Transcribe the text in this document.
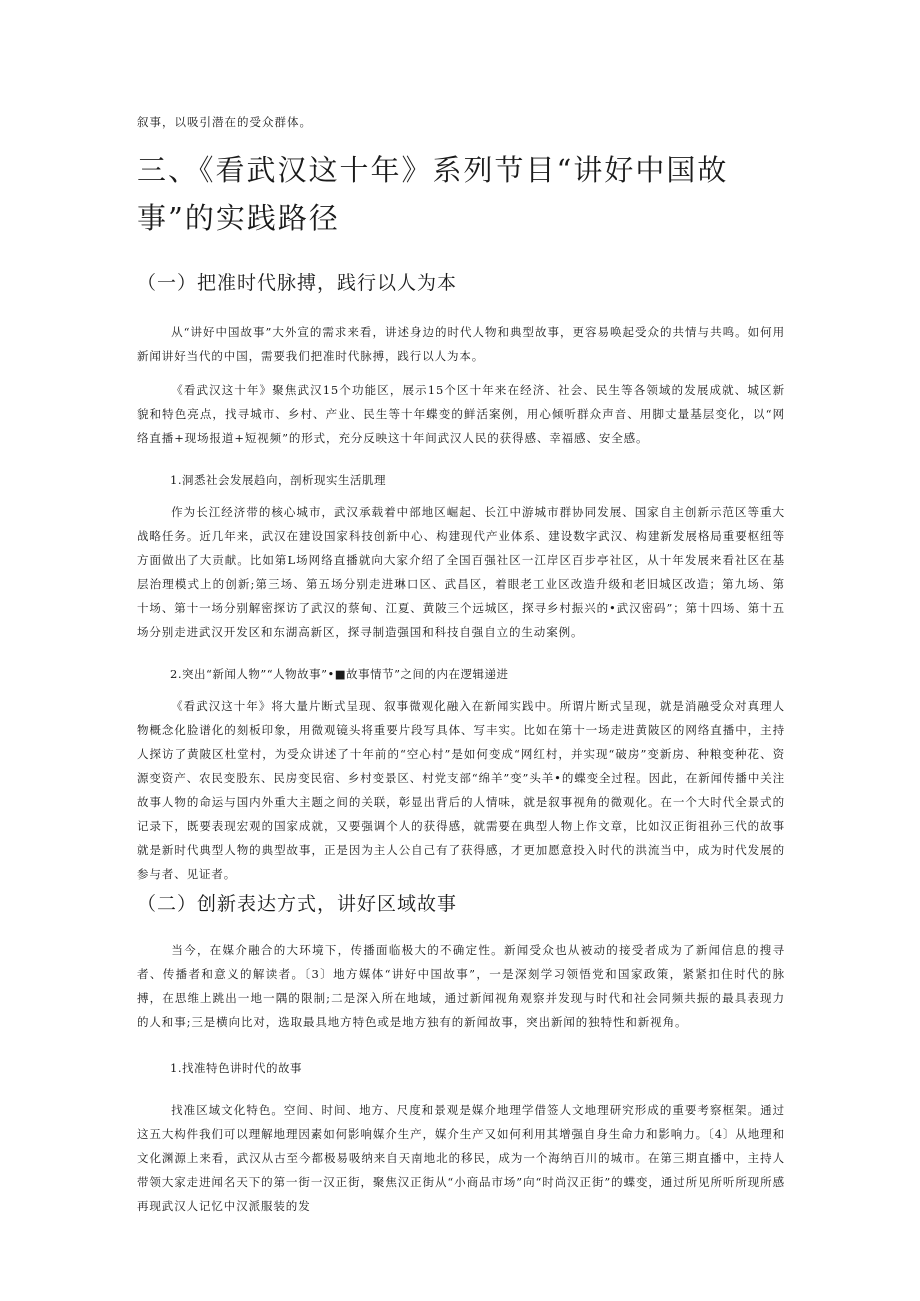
叙事，以吸引潜在的受众群体。
三、《看武汉这十年》系列节目“讲好中国故事”的实践路径
（一）把准时代脉搏，践行以人为本

从“讲好中国故事”大外宣的需求来看，讲述身边的时代人物和典型故事，更容易唤起受众的共情与共鸣。如何用新闻讲好当代的中国，需要我们把准时代脉搏，践行以人为本。

《看武汉这十年》聚焦武汉15个功能区，展示15个区十年来在经济、社会、民生等各领域的发展成就、城区新貌和特色亮点，找寻城市、乡村、产业、民生等十年蝶变的鲜活案例，用心倾听群众声音、用脚丈量基层变化，以“网络直播+现场报道+短视频”的形式，充分反映这十年间武汉人民的获得感、幸福感、安全感。

1.洞悉社会发展趋向，剖析现实生活肌理

作为长江经济带的核心城市，武汉承载着中部地区崛起、长江中游城市群协同发展、国家自主创新示范区等重大战略任务。近几年来，武汉在建设国家科技创新中心、构建现代产业体系、建设数字武汉、构建新发展格局重要枢纽等方面做出了大贡献。比如第L场网络直播就向大家介绍了全国百强社区一江岸区百步亭社区，从十年发展来看社区在基层治理模式上的创新;第三场、第五场分别走进琳口区、武昌区，着眼老工业区改造升级和老旧城区改造；第九场、第十场、第十一场分别解密探访了武汉的蔡甸、江夏、黄陂三个远城区，探寻乡村振兴的•武汉密码”；第十四场、第十五场分别走进武汉开发区和东湖高新区，探寻制造强国和科技自强自立的生动案例。

2.突出“新闻人物”“人物故事”•■故事情节”之间的内在逻辑递进

《看武汉这十年》将大量片断式呈现、叙事微观化融入在新闻实践中。所谓片断式呈现，就是消融受众对真理人物概念化脸谱化的刻板印象，用微观镜头将重要片段写具体、写丰实。比如在第十一场走进黄陂区的网络直播中，主持人探访了黄陂区杜堂村，为受众讲述了十年前的“空心村”是如何变成“网红村，并实现“破房”变新房、种粮变种花、资源变资产、农民变股东、民房变民宿、乡村变景区、村党支部“绵羊”变”头羊•的蝶变全过程。因此，在新闻传播中关注故事人物的命运与国内外重大主题之间的关联，彰显出背后的人情味，就是叙事视角的微观化。在一个大时代全景式的记录下，既要表现宏观的国家成就，又要强调个人的获得感，就需要在典型人物上作文章，比如汉正街祖孙三代的故事就是新时代典型人物的典型故事，正是因为主人公自己有了获得感，才更加愿意投入时代的洪流当中，成为时代发展的参与者、见证者。

（二）创新表达方式，讲好区域故事

当今，在媒介融合的大环境下，传播面临极大的不确定性。新闻受众也从被动的接受者成为了新闻信息的搜寻者、传播者和意义的解读者。〔3〕地方媒体“讲好中国故事”，一是深刻学习领悟党和国家政策，紧紧扣住时代的脉搏，在思维上跳出一地一隅的限制;二是深入所在地域，通过新闻视角观察并发现与时代和社会同频共振的最具表现力的人和事;三是横向比对，选取最具地方特色或是地方独有的新闻故事，突出新闻的独特性和新视角。

1.找准特色讲时代的故事

找准区域文化特色。空间、时间、地方、尺度和景观是媒介地理学借签人文地理研究形成的重要考察框架。通过这五大构件我们可以理解地理因素如何影响媒介生产，媒介生产又如何利用其增强自身生命力和影响力。〔4〕从地理和文化渊源上来看，武汉从古至今都极易吸纳来自天南地北的移民，成为一个海纳百川的城市。在第三期直播中，主持人带领大家走进闻名天下的第一街一汉正街，聚焦汉正街从“小商品市场”向“时尚汉正街”的蝶变，通过所见所听所现所感再现武汉人记忆中汉派服装的发
